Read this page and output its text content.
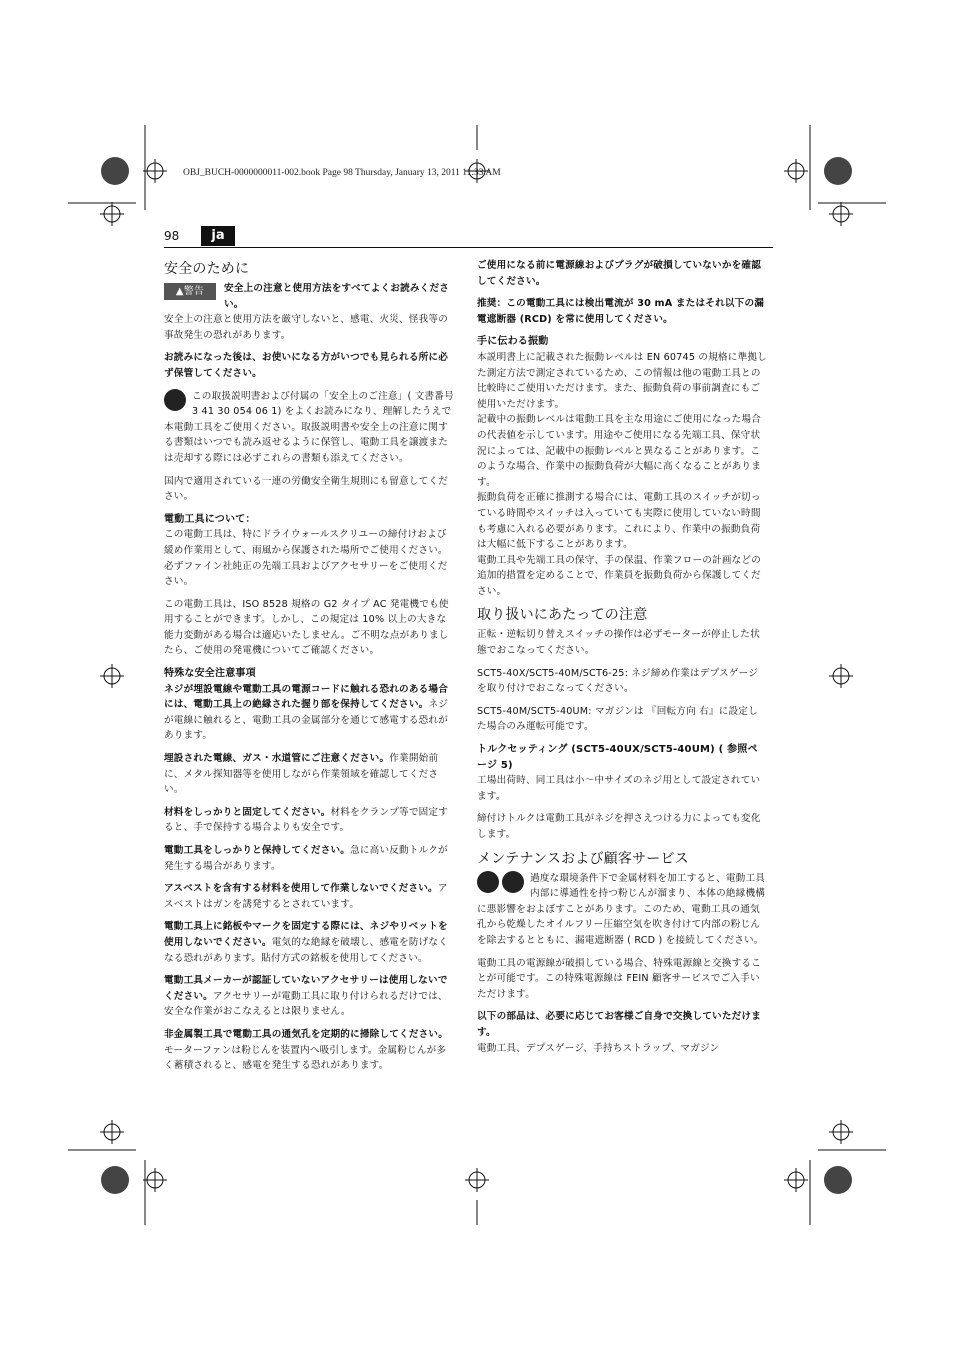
OBJ_BUCH-0000000011-002.book Page 98 Thursday, January 13, 2011 11:33 AM
98	ja
安全のために
▲警告	安全上の注意と使用方法をすべてよくお読みください。

安全上の注意と使用方法を厳守しないと、感電、火災、怪我等の事故発生の恐れがあります。

お読みになった後は、お使いになる方がいつでも見られる所に必ず保管してください。

この取扱説明書および付属の「安全上のご注意」( 文書番号 3 41 30 054 06 1) をよくお読みになり、理解したうえで本電動工具をご使用ください。取扱説明書や安全上の注意に関する書類はいつでも読み返せるように保管し、電動工具を譲渡または売却する際には必ずこれらの書類も添えてください。

国内で適用されている一連の労働安全衛生規則にも留意してください。

電動工具について：

この電動工具は、特にドライウォールスクリユーの締付けおよび緩め作業用として、雨風から保護された場所でご使用ください。必ずファイン社純正の先端工具およびアクセサリーをご使用ください。

この電動工具は、ISO 8528 規格の G2 タイプ AC 発電機でも使用することができます。しかし、この規定は 10% 以上の大きな能力変動がある場合は適応いたしません。ご不明な点がありましたら、ご使用の発電機についてご確認ください。

特殊な安全注意事項

ネジが埋設電線や電動工具の電源コードに触れる恐れのある場合には、電動工具上の絶縁された握り部を保持してください。ネジが電線に触れると、電動工具の金属部分を通じて感電する恐れがあります。

埋設された電線、ガス・水道管にご注意ください。作業開始前に、メタル探知器等を使用しながら作業領域を確認してください。

材料をしっかりと固定してください。材料をクランプ等で固定すると、手で保持する場合よりも安全です。

電動工具をしっかりと保持してください。急に高い反動トルクが発生する場合があります。

アスベストを含有する材料を使用して作業しないでください。アスベストはガンを誘発するとされています。

電動工具上に銘板やマークを固定する際には、ネジやリベットを使用しないでください。電気的な絶縁を破壊し、感電を防げなくなる恐れがあります。貼付方式の銘板を使用してください。

電動工具メーカーが認証していないアクセサリーは使用しないでください。アクセサリーが電動工具に取り付けられるだけでは、安全な作業がおこなえるとは限りません。

非金属製工具で電動工具の通気孔を定期的に掃除してください。モーターファンは粉じんを装置内へ吸引します。金属粉じんが多く蓄積されると、感電を発生する恐れがあります。

ご使用になる前に電源線およびプラグが破損していないかを確認してください。

推奨：この電動工具には検出電流が 30 mA またはそれ以下の漏電遮断器 (RCD) を常に使用してください。

手に伝わる振動

本説明書上に記載された振動レベルは EN 60745 の規格に準拠した測定方法で測定されているため、この情報は他の電動工具との比較時にご使用いただけます。また、振動負荷の事前調査にもご使用いただけます。

記載中の振動レベルは電動工具を主な用途にご使用になった場合の代表値を示しています。用途やご使用になる先端工具、保守状況によっては、記載中の振動レベルと異なることがあります。このような場合、作業中の振動負荷が大幅に高くなることがあります。

振動負荷を正確に推測する場合には、電動工具のスイッチが切っている時間やスイッチは入っていても実際に使用していない時間も考慮に入れる必要があります。これにより、作業中の振動負荷は大幅に低下することがあります。

電動工具や先端工具の保守、手の保温、作業フローの計画などの追加的措置を定めることで、作業員を振動負荷から保護してください。

取り扱いにあたっての注意

正転・逆転切り替えスイッチの操作は必ずモーターが停止した状態でおこなってください。

SCT5-40X/SCT5-40M/SCT6-25: ネジ締め作業はデプスゲージを取り付けでおこなってください。

SCT5-40M/SCT5-40UM: マガジンは 『回転方向 右』に設定した場合のみ運転可能です。

トルクセッティング (SCT5-40UX/SCT5-40UM) ( 参照ページ 5)

工場出荷時、同工具は小～中サイズのネジ用として設定されています。

締付けトルクは電動工具がネジを押さえつける力によっても変化します。

メンテナンスおよび顧客サービス

過度な環境条件下で金属材料を加工すると、電動工具内部に導通性を持つ粉じんが溜まり、本体の絶縁機構に悪影響をおよぼすことがあります。このため、電動工具の通気孔から乾燥したオイルフリー圧縮空気を吹き付けて内部の粉じんを除去するとともに、漏電遮断器 ( RCD ) を接続してください。

電動工具の電源線が破損している場合、特殊電源線と交換することが可能です。この特殊電源線は FEIN 顧客サービスでご入手いただけます。

以下の部品は、必要に応じてお客様ご自身で交換していただけます。

電動工具、デプスゲージ、手持ちストラップ、マガジン
